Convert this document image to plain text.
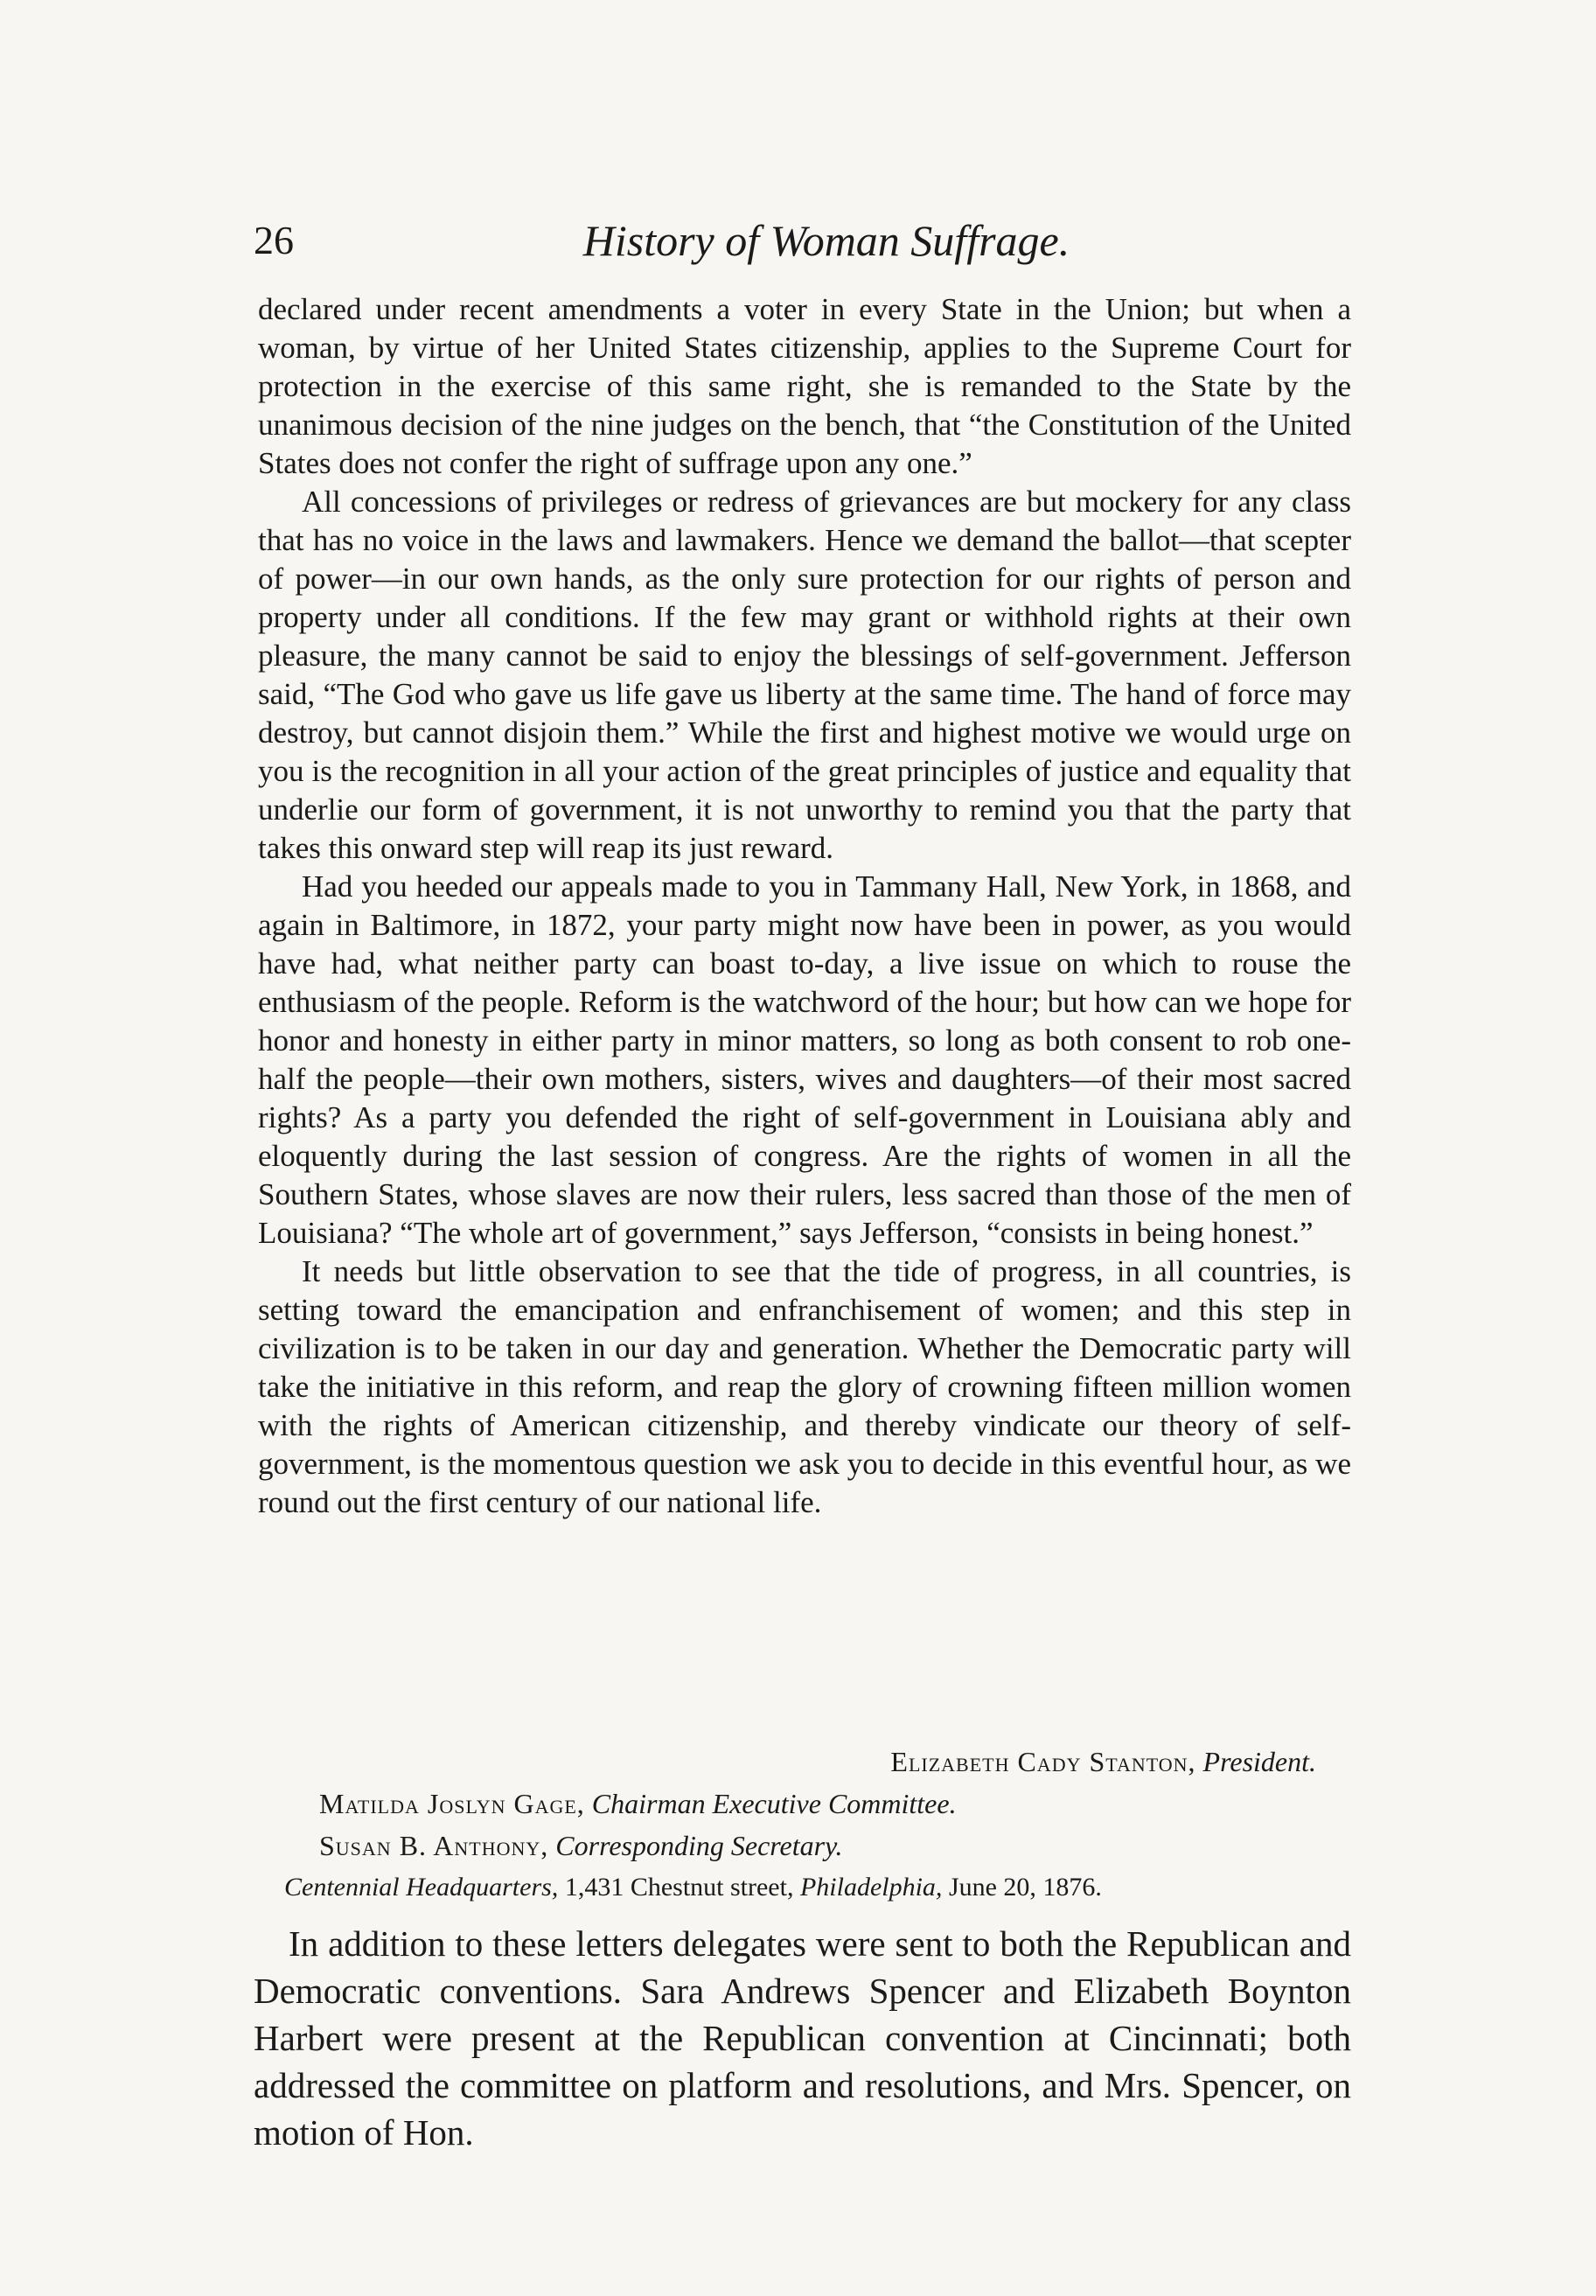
26	History of Woman Suffrage.

declared under recent amendments a voter in every State in the Union; but when a woman, by virtue of her United States citizenship, applies to the Supreme Court for protection in the exercise of this same right, she is remanded to the State by the unanimous decision of the nine judges on the bench, that “the Constitution of the United States does not confer the right of suffrage upon any one.”

All concessions of privileges or redress of grievances are but mockery for any class that has no voice in the laws and lawmakers. Hence we demand the ballot—that scepter of power—in our own hands, as the only sure protection for our rights of person and property under all conditions. If the few may grant or withhold rights at their own pleasure, the many cannot be said to enjoy the blessings of self-government. Jefferson said, “The God who gave us life gave us liberty at the same time. The hand of force may destroy, but cannot disjoin them.” While the first and highest motive we would urge on you is the recognition in all your action of the great principles of justice and equality that underlie our form of government, it is not unworthy to remind you that the party that takes this onward step will reap its just reward.

Had you heeded our appeals made to you in Tammany Hall, New York, in 1868, and again in Baltimore, in 1872, your party might now have been in power, as you would have had, what neither party can boast to-day, a live issue on which to rouse the enthusiasm of the people. Reform is the watchword of the hour; but how can we hope for honor and honesty in either party in minor matters, so long as both consent to rob one-half the people—their own mothers, sisters, wives and daughters—of their most sacred rights? As a party you defended the right of self-government in Louisiana ably and eloquently during the last session of congress. Are the rights of women in all the Southern States, whose slaves are now their rulers, less sacred than those of the men of Louisiana? “The whole art of government,” says Jefferson, “consists in being honest.”

It needs but little observation to see that the tide of progress, in all countries, is setting toward the emancipation and enfranchisement of women; and this step in civilization is to be taken in our day and generation. Whether the Democratic party will take the initiative in this reform, and reap the glory of crowning fifteen million women with the rights of American citizenship, and thereby vindicate our theory of self-government, is the momentous question we ask you to decide in this eventful hour, as we round out the first century of our national life.

Elizabeth Cady Stanton, President.
Matilda Joslyn Gage, Chairman Executive Committee.
Susan B. Anthony, Corresponding Secretary.
Centennial Headquarters, 1,431 Chestnut street, Philadelphia, June 20, 1876.

In addition to these letters delegates were sent to both the Republican and Democratic conventions. Sara Andrews Spencer and Elizabeth Boynton Harbert were present at the Republican convention at Cincinnati; both addressed the committee on platform and resolutions, and Mrs. Spencer, on motion of Hon.
